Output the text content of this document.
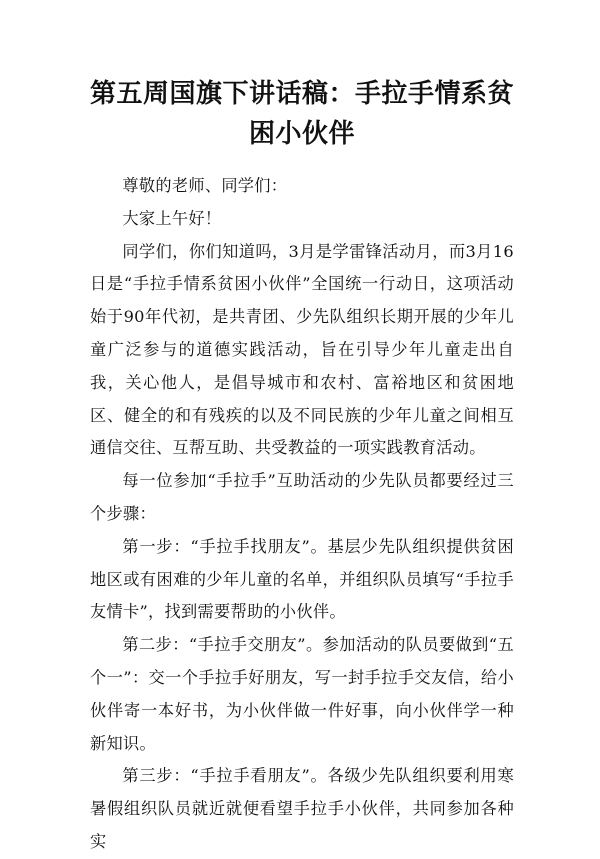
第五周国旗下讲话稿：手拉手情系贫困小伙伴

尊敬的老师、同学们：

大家上午好！

同学们，你们知道吗，3月是学雷锋活动月，而3月16日是“手拉手情系贫困小伙伴”全国统一行动日，这项活动始于90年代初，是共青团、少先队组织长期开展的少年儿童广泛参与的道德实践活动，旨在引导少年儿童走出自我，关心他人，是倡导城市和农村、富裕地区和贫困地区、健全的和有残疾的以及不同民族的少年儿童之间相互通信交往、互帮互助、共受教益的一项实践教育活动。

每一位参加“手拉手”互助活动的少先队员都要经过三个步骤：

第一步：“手拉手找朋友”。基层少先队组织提供贫困地区或有困难的少年儿童的名单，并组织队员填写“手拉手友情卡”，找到需要帮助的小伙伴。

第二步：“手拉手交朋友”。参加活动的队员要做到“五个一”：交一个手拉手好朋友，写一封手拉手交友信，给小伙伴寄一本好书，为小伙伴做一件好事，向小伙伴学一种新知识。

第三步：“手拉手看朋友”。各级少先队组织要利用寒暑假组织队员就近就便看望手拉手小伙伴，共同参加各种实
